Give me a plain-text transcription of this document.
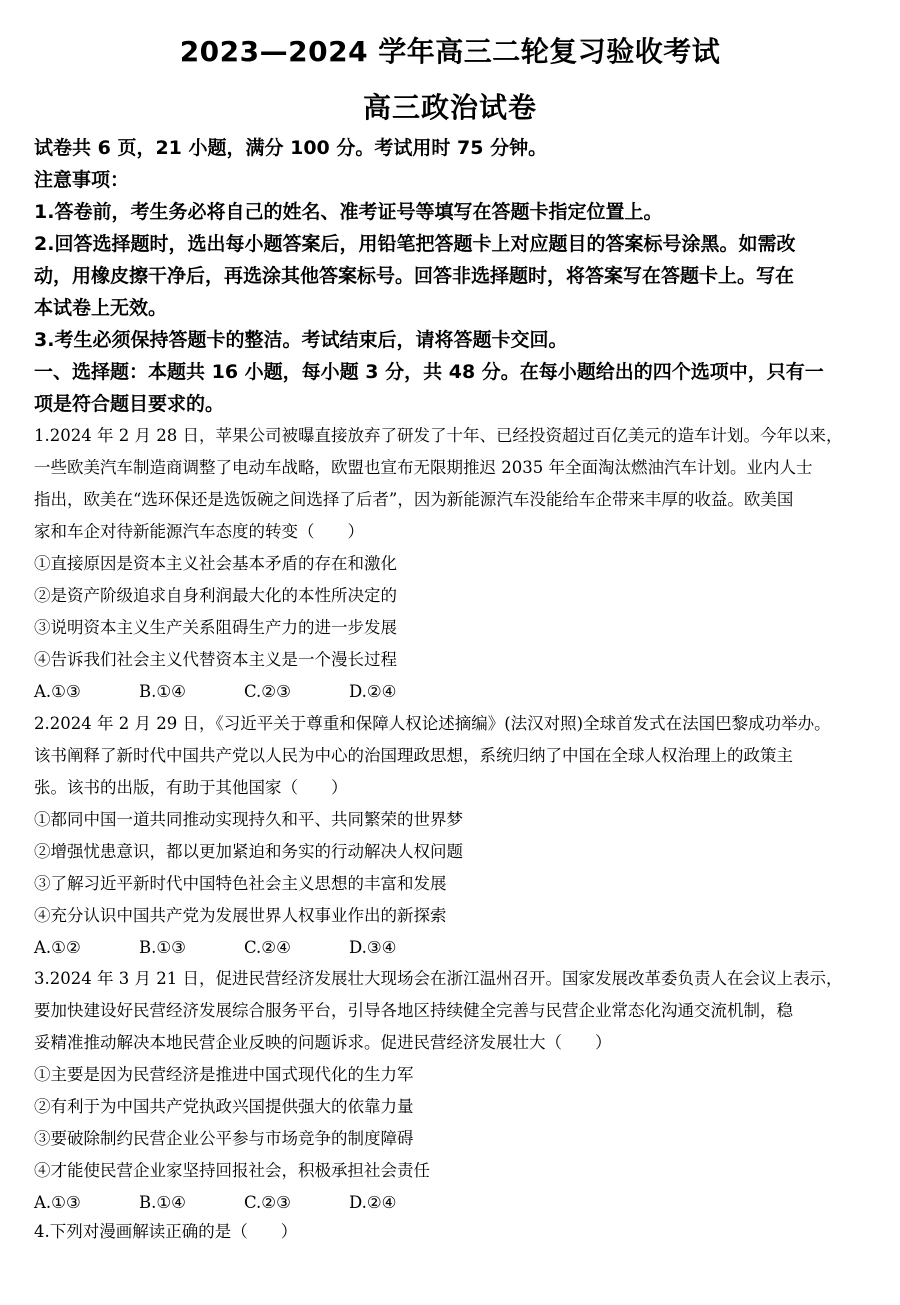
2023—2024 学年高三二轮复习验收考试
高三政治试卷
试卷共 6 页，21 小题，满分 100 分。考试用时 75 分钟。
注意事项：
1.答卷前，考生务必将自己的姓名、准考证号等填写在答题卡指定位置上。
2.回答选择题时，选出每小题答案后，用铅笔把答题卡上对应题目的答案标号涂黑。如需改
动，用橡皮擦干净后，再选涂其他答案标号。回答非选择题时，将答案写在答题卡上。写在
本试卷上无效。
3.考生必须保持答题卡的整洁。考试结束后，请将答题卡交回。
一、选择题：本题共 16 小题，每小题 3 分，共 48 分。在每小题给出的四个选项中，只有一
项是符合题目要求的。
1.2024 年 2 月 28 日，苹果公司被曝直接放弃了研发了十年、已经投资超过百亿美元的造车计划。今年以来，
一些欧美汽车制造商调整了电动车战略，欧盟也宣布无限期推迟 2035 年全面淘汰燃油汽车计划。业内人士
指出，欧美在“选环保还是选饭碗之间选择了后者”，因为新能源汽车没能给车企带来丰厚的收益。欧美国
家和车企对待新能源汽车态度的转变（　　）
①直接原因是资本主义社会基本矛盾的存在和激化
②是资产阶级追求自身利润最大化的本性所决定的
③说明资本主义生产关系阻碍生产力的进一步发展
④告诉我们社会主义代替资本主义是一个漫长过程
A.①③	B.①④	C.②③	D.②④
2.2024 年 2 月 29 日，《习近平关于尊重和保障人权论述摘编》(法汉对照)全球首发式在法国巴黎成功举办。
该书阐释了新时代中国共产党以人民为中心的治国理政思想，系统归纳了中国在全球人权治理上的政策主
张。该书的出版，有助于其他国家（　　）
①都同中国一道共同推动实现持久和平、共同繁荣的世界梦
②增强忧患意识，都以更加紧迫和务实的行动解决人权问题
③了解习近平新时代中国特色社会主义思想的丰富和发展
④充分认识中国共产党为发展世界人权事业作出的新探索
A.①②	B.①③	C.②④	D.③④
3.2024 年 3 月 21 日，促进民营经济发展壮大现场会在浙江温州召开。国家发展改革委负责人在会议上表示，
要加快建设好民营经济发展综合服务平台，引导各地区持续健全完善与民营企业常态化沟通交流机制，稳
妥精准推动解决本地民营企业反映的问题诉求。促进民营经济发展壮大（　　）
①主要是因为民营经济是推进中国式现代化的生力军
②有利于为中国共产党执政兴国提供强大的依靠力量
③要破除制约民营企业公平参与市场竞争的制度障碍
④才能使民营企业家坚持回报社会，积极承担社会责任
A.①③	B.①④	C.②③	D.②④
4.下列对漫画解读正确的是（　　）
